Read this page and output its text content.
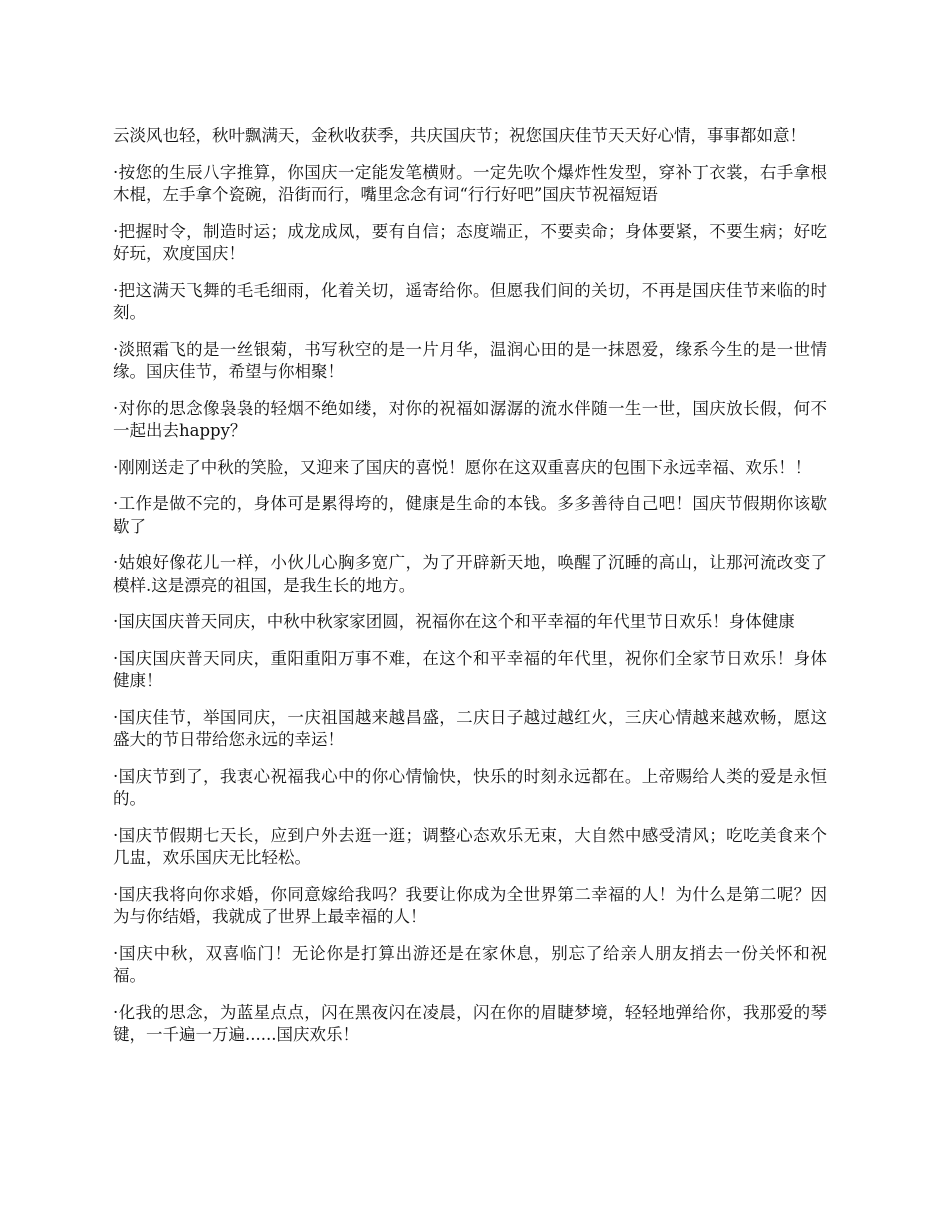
云淡风也轻，秋叶飘满天，金秋收获季，共庆国庆节；祝您国庆佳节天天好心情，事事都如意！

·按您的生辰八字推算，你国庆一定能发笔横财。一定先吹个爆炸性发型，穿补丁衣裳，右手拿根木棍，左手拿个瓷碗，沿街而行，嘴里念念有词“行行好吧”国庆节祝福短语

·把握时令，制造时运；成龙成凤，要有自信；态度端正，不要卖命；身体要紧，不要生病；好吃好玩，欢度国庆！

·把这满天飞舞的毛毛细雨，化着关切，遥寄给你。但愿我们间的关切，不再是国庆佳节来临的时刻。

·淡照霜飞的是一丝银菊，书写秋空的是一片月华，温润心田的是一抹恩爱，缘系今生的是一世情缘。国庆佳节，希望与你相聚！

·对你的思念像袅袅的轻烟不绝如缕，对你的祝福如潺潺的流水伴随一生一世，国庆放长假，何不一起出去happy？

·刚刚送走了中秋的笑脸，又迎来了国庆的喜悦！愿你在这双重喜庆的包围下永远幸福、欢乐！！

·工作是做不完的，身体可是累得垮的，健康是生命的本钱。多多善待自己吧！国庆节假期你该歇歇了

·姑娘好像花儿一样，小伙儿心胸多宽广，为了开辟新天地，唤醒了沉睡的高山，让那河流改变了模样.这是漂亮的祖国，是我生长的地方。

·国庆国庆普天同庆，中秋中秋家家团圆，祝福你在这个和平幸福的年代里节日欢乐！身体健康

·国庆国庆普天同庆，重阳重阳万事不难，在这个和平幸福的年代里，祝你们全家节日欢乐！身体健康！

·国庆佳节，举国同庆，一庆祖国越来越昌盛，二庆日子越过越红火，三庆心情越来越欢畅，愿这盛大的节日带给您永远的幸运！

·国庆节到了，我衷心祝福我心中的你心情愉快，快乐的时刻永远都在。上帝赐给人类的爱是永恒的。

·国庆节假期七天长，应到户外去逛一逛；调整心态欢乐无束，大自然中感受清风；吃吃美食来个几盅，欢乐国庆无比轻松。

·国庆我将向你求婚，你同意嫁给我吗？我要让你成为全世界第二幸福的人！为什么是第二呢？因为与你结婚，我就成了世界上最幸福的人！

·国庆中秋，双喜临门！无论你是打算出游还是在家休息，别忘了给亲人朋友捎去一份关怀和祝福。

·化我的思念，为蓝星点点，闪在黑夜闪在凌晨，闪在你的眉睫梦境，轻轻地弹给你，我那爱的琴键，一千遍一万遍......国庆欢乐！
